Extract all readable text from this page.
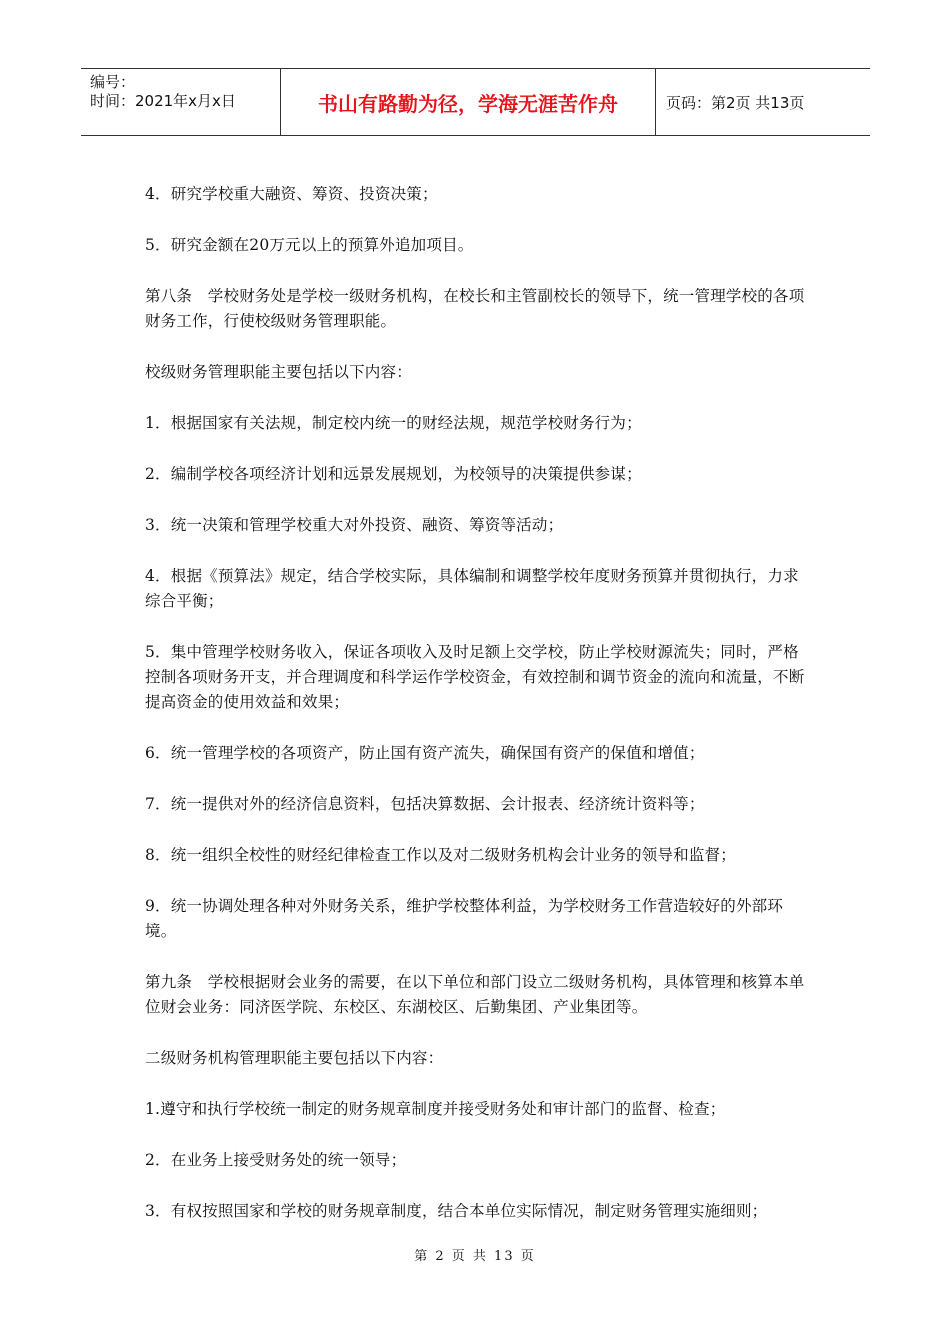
编号：
时间：2021年x月x日	书山有路勤为径，学海无涯苦作舟	页码：第2页 共13页

4．研究学校重大融资、筹资、投资决策；

5．研究金额在20万元以上的预算外追加项目。

第八条　学校财务处是学校一级财务机构，在校长和主管副校长的领导下，统一管理学校的各项财务工作，行使校级财务管理职能。

校级财务管理职能主要包括以下内容：

1．根据国家有关法规，制定校内统一的财经法规，规范学校财务行为；

2．编制学校各项经济计划和远景发展规划，为校领导的决策提供参谋；

3．统一决策和管理学校重大对外投资、融资、筹资等活动；

4．根据《预算法》规定，结合学校实际，具体编制和调整学校年度财务预算并贯彻执行，力求综合平衡；

5．集中管理学校财务收入，保证各项收入及时足额上交学校，防止学校财源流失；同时，严格控制各项财务开支，并合理调度和科学运作学校资金，有效控制和调节资金的流向和流量，不断提高资金的使用效益和效果；

6．统一管理学校的各项资产，防止国有资产流失，确保国有资产的保值和增值；

7．统一提供对外的经济信息资料，包括决算数据、会计报表、经济统计资料等；

8．统一组织全校性的财经纪律检查工作以及对二级财务机构会计业务的领导和监督；

9．统一协调处理各种对外财务关系，维护学校整体利益，为学校财务工作营造较好的外部环境。

第九条　学校根据财会业务的需要，在以下单位和部门设立二级财务机构，具体管理和核算本单位财会业务：同济医学院、东校区、东湖校区、后勤集团、产业集团等。

二级财务机构管理职能主要包括以下内容：

1.遵守和执行学校统一制定的财务规章制度并接受财务处和审计部门的监督、检查；

2．在业务上接受财务处的统一领导；

3．有权按照国家和学校的财务规章制度，结合本单位实际情况，制定财务管理实施细则；

第 2 页 共 13 页
